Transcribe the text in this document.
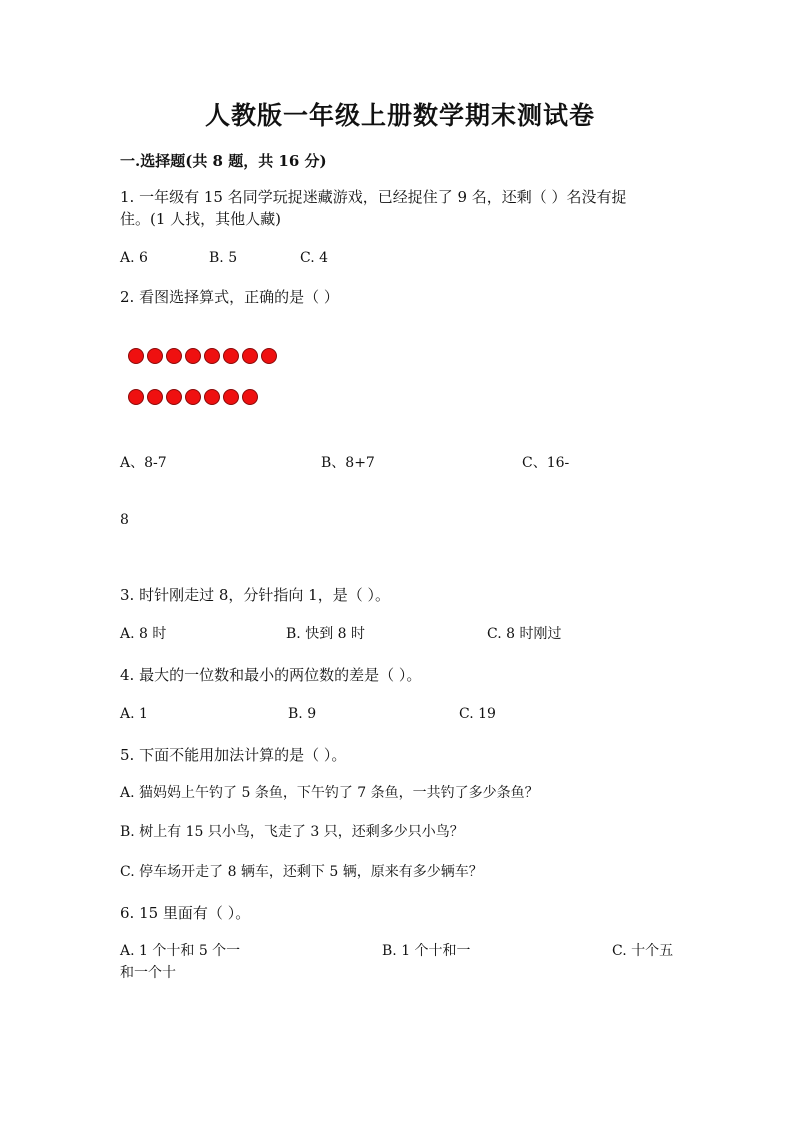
人教版一年级上册数学期末测试卷
一.选择题(共 8 题，共 16 分)
1. 一年级有 15 名同学玩捉迷藏游戏，已经捉住了 9 名，还剩（ ）名没有捉
住。(1 人找，其他人藏)
A. 6	B. 5	C. 4
2. 看图选择算式，正确的是（ ）
A、8-7	B、8+7	C、16-
8
3. 时针刚走过 8，分针指向 1，是（ ）。
A. 8 时	B. 快到 8 时	C. 8 时刚过
4. 最大的一位数和最小的两位数的差是（ ）。
A. 1	B. 9	C. 19
5. 下面不能用加法计算的是（ ）。
A. 猫妈妈上午钓了 5 条鱼，下午钓了 7 条鱼，一共钓了多少条鱼？
B. 树上有 15 只小鸟，飞走了 3 只，还剩多少只小鸟？
C. 停车场开走了 8 辆车，还剩下 5 辆，原来有多少辆车？
6. 15 里面有（ ）。
A. 1 个十和 5 个一	B. 1 个十和一	C. 十个五
和一个十
